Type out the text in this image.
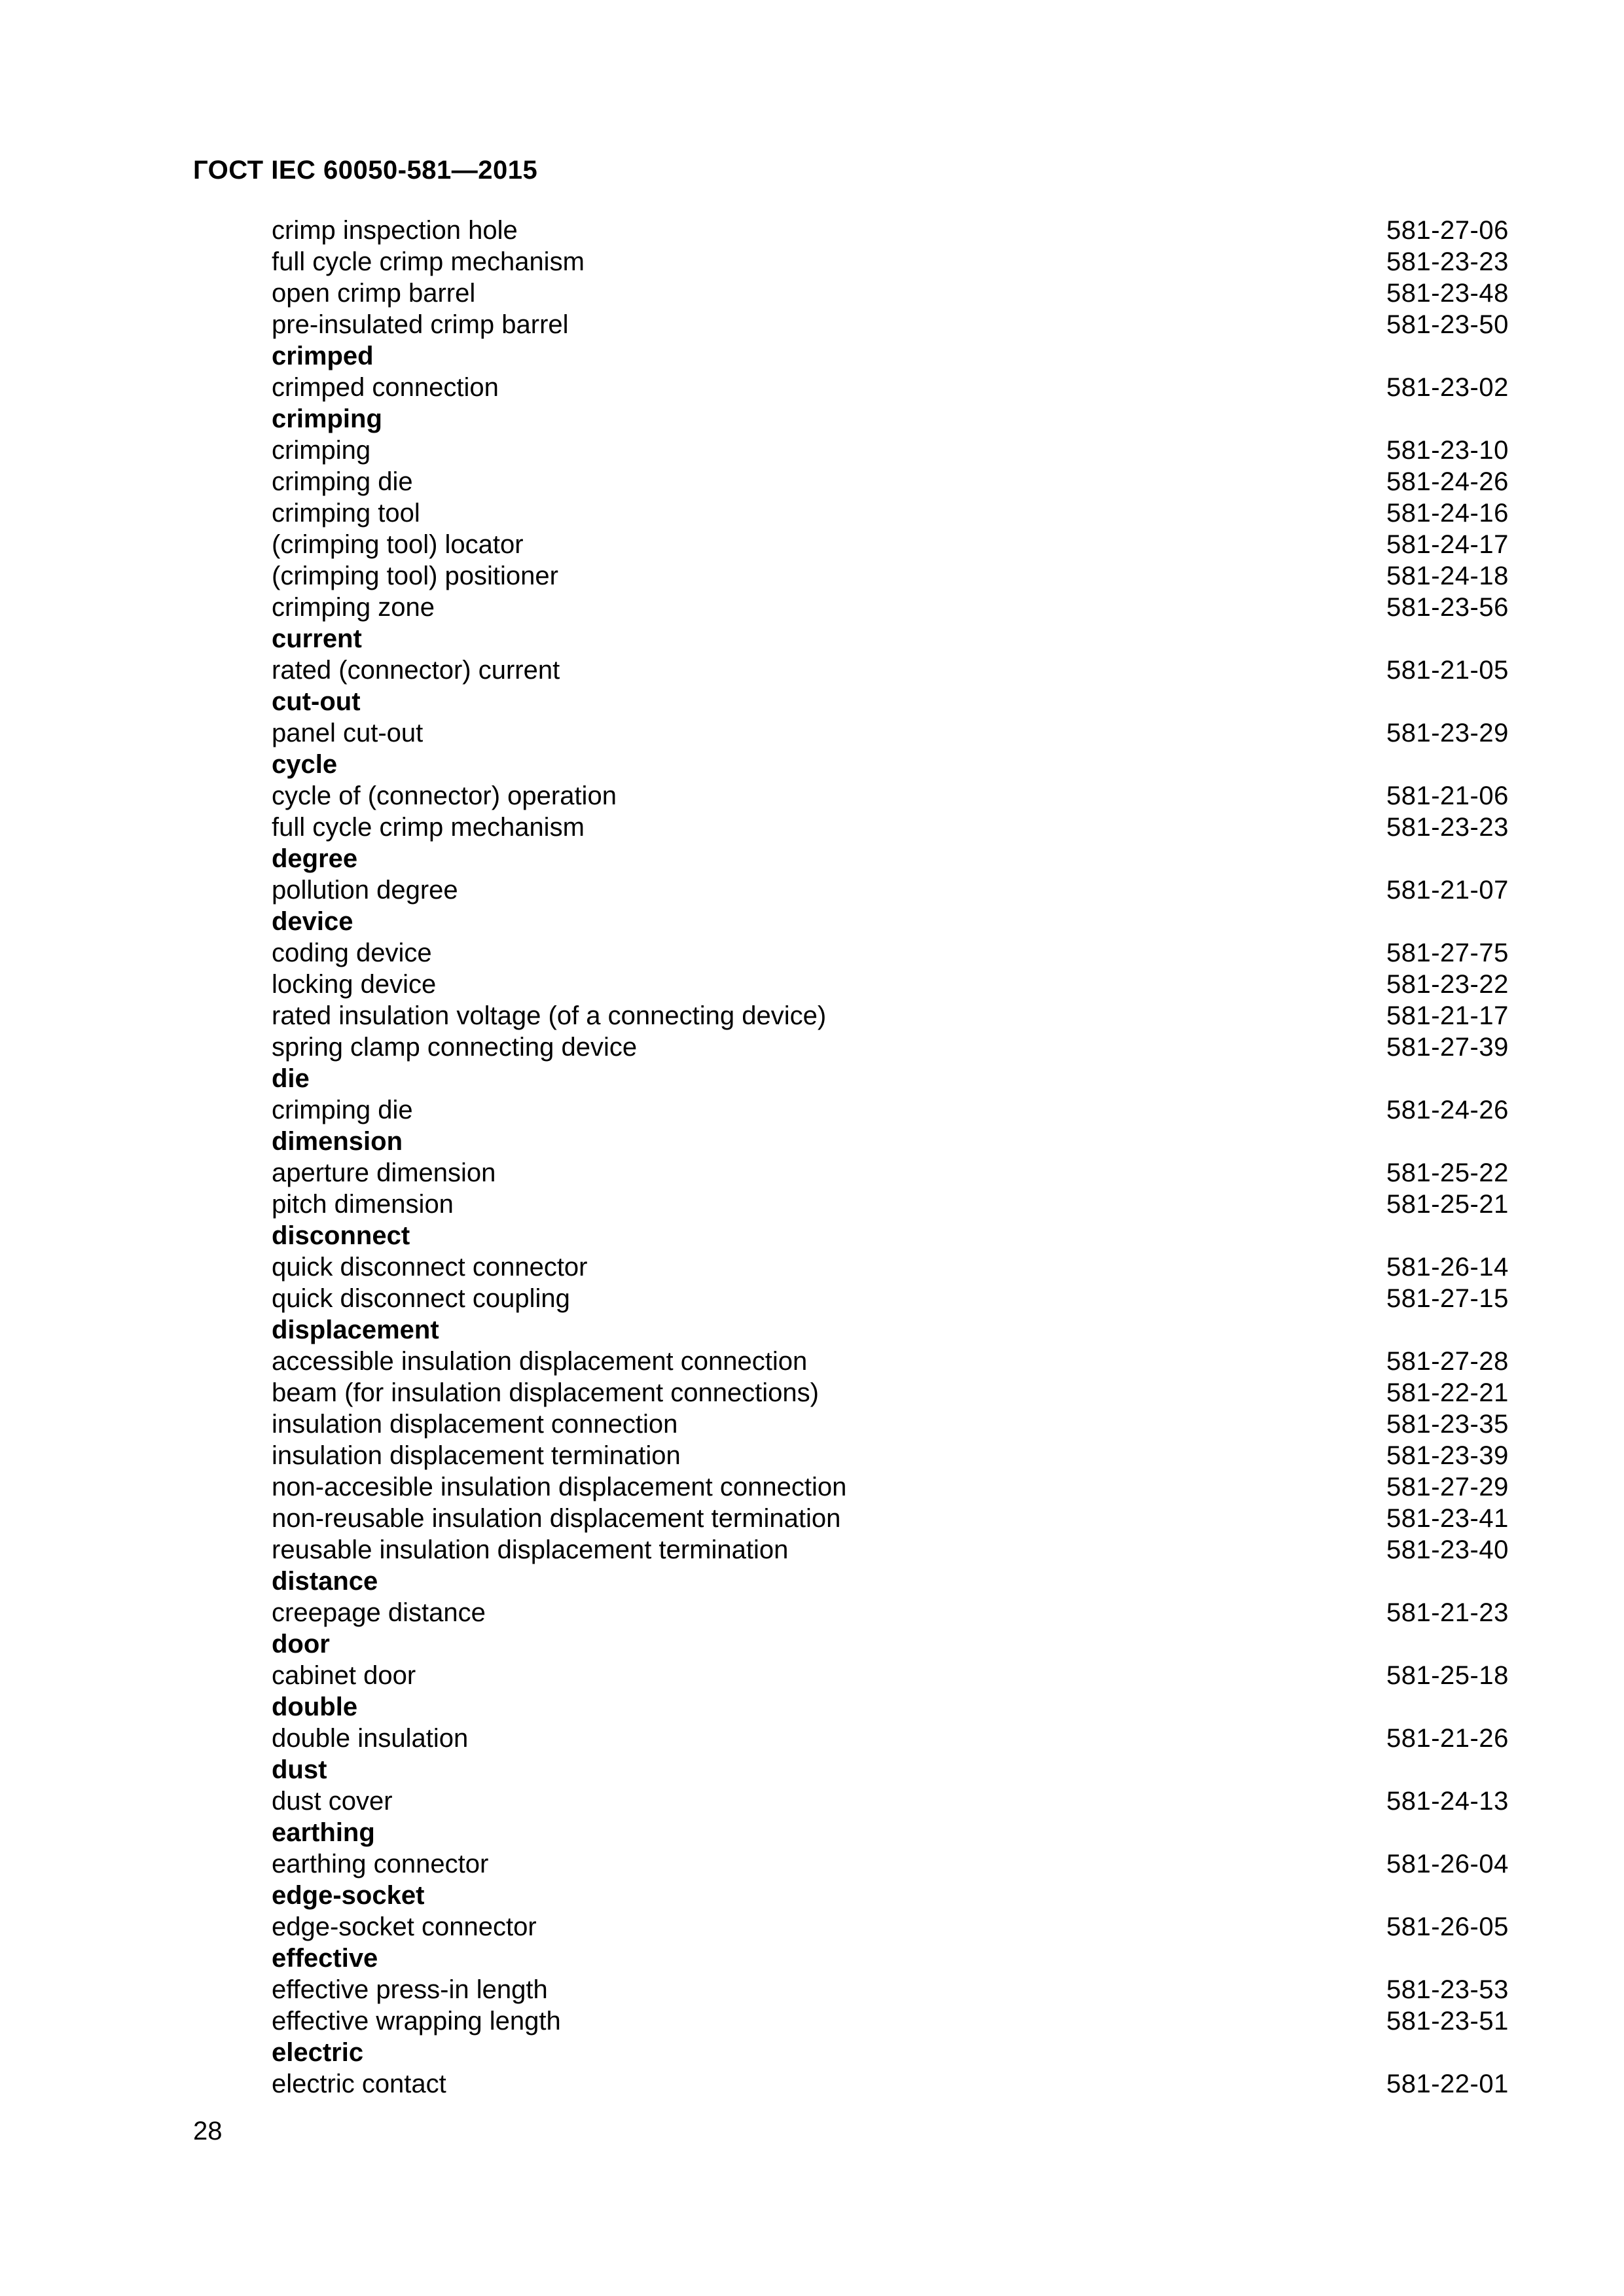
ГОСТ IEC 60050-581—2015
crimp inspection hole	581-27-06
full cycle crimp mechanism	581-23-23
open crimp barrel	581-23-48
pre-insulated crimp barrel	581-23-50
crimped
crimped connection	581-23-02
crimping
crimping	581-23-10
crimping die	581-24-26
crimping tool	581-24-16
(crimping tool) locator	581-24-17
(crimping tool) positioner	581-24-18
crimping zone	581-23-56
current
rated (connector) current	581-21-05
cut-out
panel cut-out	581-23-29
cycle
cycle of (connector) operation	581-21-06
full cycle crimp mechanism	581-23-23
degree
pollution degree	581-21-07
device
coding device	581-27-75
locking device	581-23-22
rated insulation voltage (of a connecting device)	581-21-17
spring clamp connecting device	581-27-39
die
crimping die	581-24-26
dimension
aperture dimension	581-25-22
pitch dimension	581-25-21
disconnect
quick disconnect connector	581-26-14
quick disconnect coupling	581-27-15
displacement
accessible insulation displacement connection	581-27-28
beam (for insulation displacement connections)	581-22-21
insulation displacement connection	581-23-35
insulation displacement termination	581-23-39
non-accesible insulation displacement connection	581-27-29
non-reusable insulation displacement termination	581-23-41
reusable insulation displacement termination	581-23-40
distance
creepage distance	581-21-23
door
cabinet door	581-25-18
double
double insulation	581-21-26
dust
dust cover	581-24-13
earthing
earthing connector	581-26-04
edge-socket
edge-socket connector	581-26-05
effective
effective press-in length	581-23-53
effective wrapping length	581-23-51
electric
electric contact	581-22-01
28
